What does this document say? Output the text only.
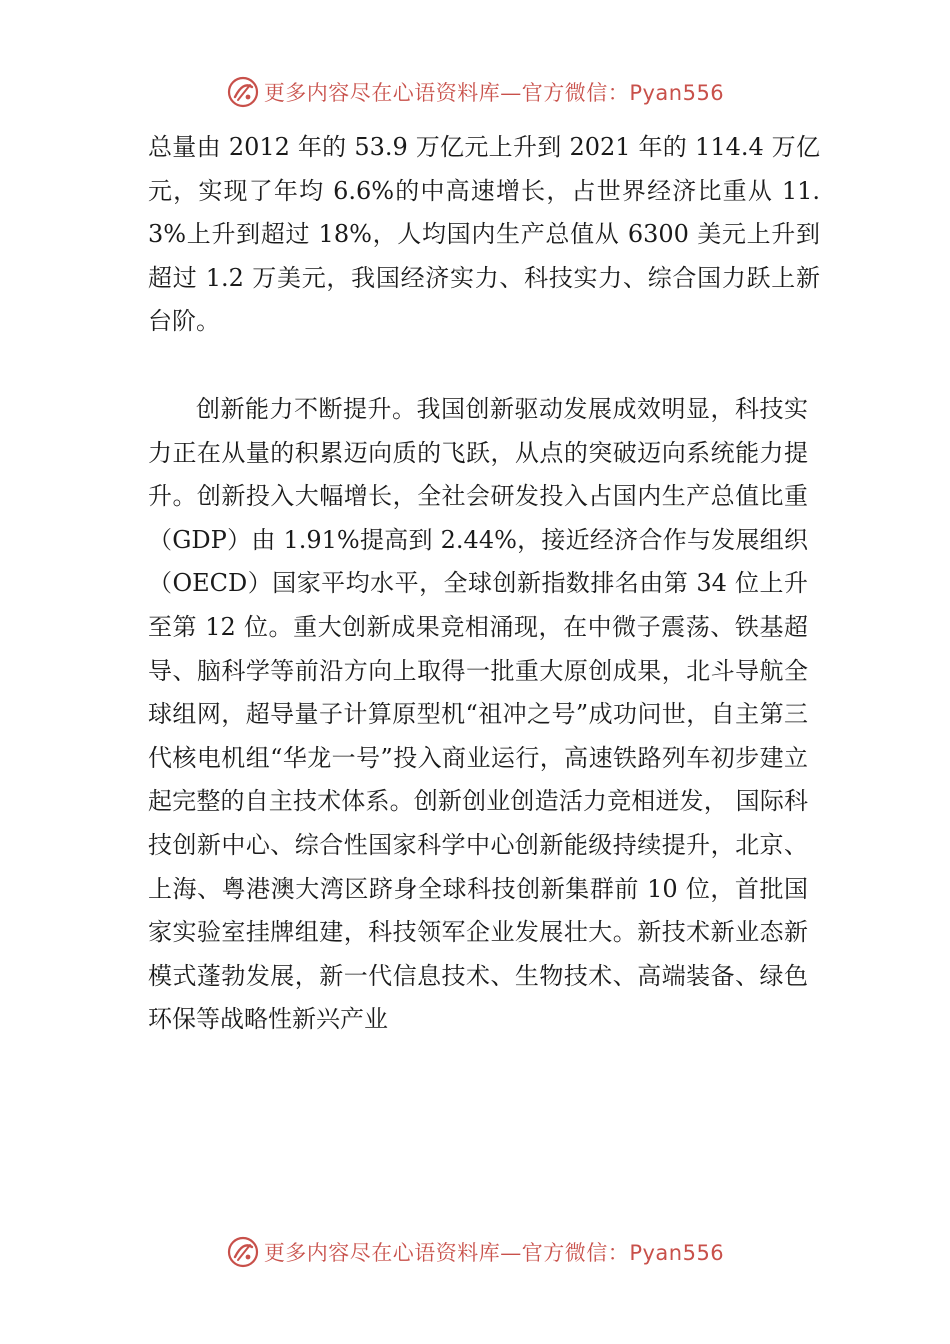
更多内容尽在心语资料库—官方微信：Pyan556

总量由 2012 年的 53.9 万亿元上升到 2021 年的 114.4 万亿元，实现了年均 6.6%的中高速增长，占世界经济比重从 11.3%上升到超过 18%，人均国内生产总值从 6300 美元上升到超过 1.2 万美元，我国经济实力、科技实力、综合国力跃上新台阶。

创新能力不断提升。我国创新驱动发展成效明显，科技实力正在从量的积累迈向质的飞跃，从点的突破迈向系统能力提升。创新投入大幅增长，全社会研发投入占国内生产总值比重（GDP）由 1.91%提高到 2.44%，接近经济合作与发展组织（OECD）国家平均水平，全球创新指数排名由第 34 位上升至第 12 位。重大创新成果竞相涌现，在中微子震荡、铁基超导、脑科学等前沿方向上取得一批重大原创成果，北斗导航全球组网，超导量子计算原型机“祖冲之号”成功问世，自主第三代核电机组“华龙一号”投入商业运行，高速铁路列车初步建立起完整的自主技术体系。创新创业创造活力竞相迸发， 国际科技创新中心、综合性国家科学中心创新能级持续提升，北京、上海、粤港澳大湾区跻身全球科技创新集群前 10 位，首批国家实验室挂牌组建，科技领军企业发展壮大。新技术新业态新模式蓬勃发展，新一代信息技术、生物技术、高端装备、绿色环保等战略性新兴产业

更多内容尽在心语资料库—官方微信：Pyan556
